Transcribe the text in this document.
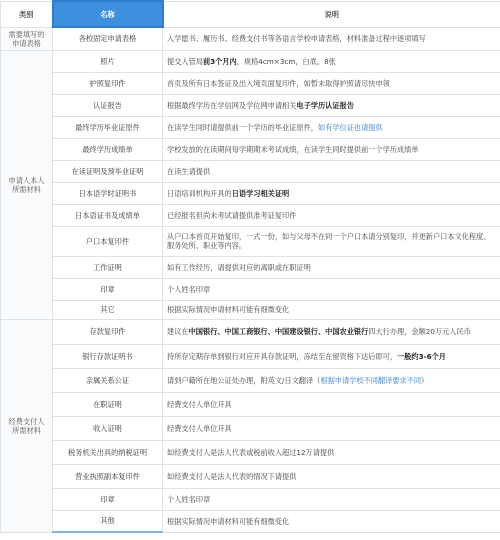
类别	名称	说明
需要填写的申请表格	各校固定申请表格	入学愿书、履历书、经费支付书等各语言学校申请表格，材料准备过程中逐项填写
申请人本人所需材料	照片	提交入管局前3个月内，规格4cm×3cm，白底，8张
	护照复印件	首页及所有日本签证及出入境页面复印件，如暂未取得护照请尽快申领
	认证报告	根据最终学历在学信网及学位网申请相关电子学历认证报告
	最终学历毕业证原件	在读学生同时请提供前一个学历的毕业证原件，如有学位证也请提供
	最终学历成绩单	学校发放的在读期间每学期期末考试成绩，在读学生同时提供前一个学历成绩单
	在读证明及预毕业证明	在读生请提供
	日本语学时证明书	日语培训机构开具的日语学习相关证明
	日本语证书及成绩单	已经报名但尚未考试请提供准考证复印件
	户口本复印件	从户口本首页开始复印，一式一份，如与父母不在同一个户口本请分别复印，并更新户口本文化程度、服务处所、职业等内容。
	工作证明	如有工作经历，请提供对应的离职或在职证明
	印章	个人姓名印章
	其它	根据实际情况申请材料可能有细微变化
经费支付人所需材料	存款复印件	建议在中国银行、中国工商银行、中国建设银行、中国农业银行四大行办理，金额20万元人民币
	银行存款证明书	持所存定期存单到银行对应开具存款证明，冻结至在留资格下达后即可，一般约3-6个月
	亲属关系公证	请到户籍所在地公证处办理，附英文/日文翻译（根据申请学校不同翻译要求不同）
	在职证明	经费支付人单位开具
	收入证明	经费支付人单位开具
	税务机关出具的纳税证明	如经费支付人是法人代表或税前收入超过12万请提供
	营业执照副本复印件	如经费支付人是法人代表的情况下请提供
	印章	个人姓名印章
	其他	根据实际情况申请材料可能有细微变化
